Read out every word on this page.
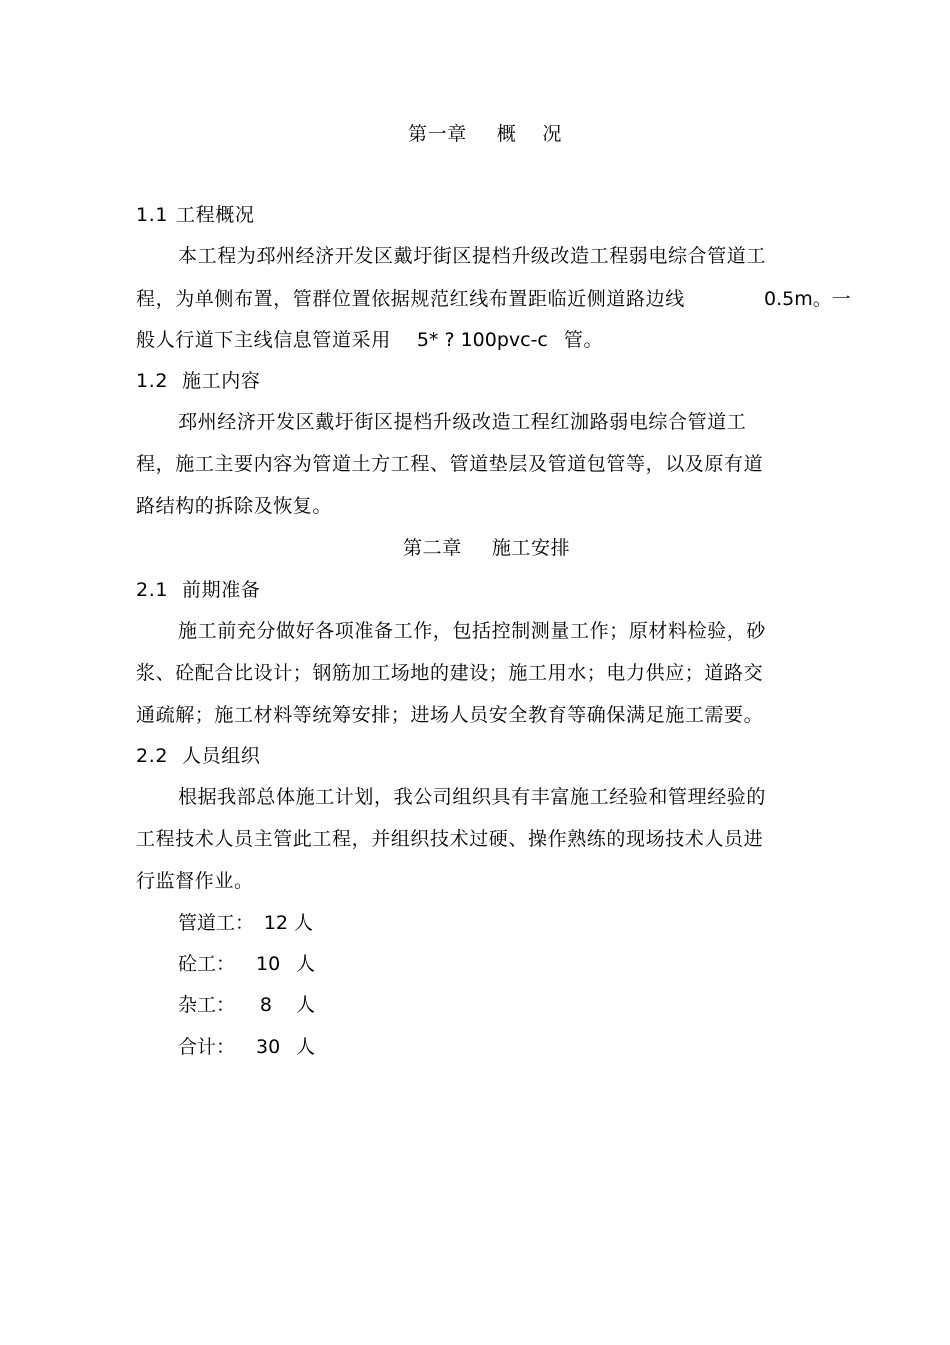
第一章 概 况
1.1 工程概况
本工程为邳州经济开发区戴圩街区提档升级改造工程弱电综合管道工
程，为单侧布置，管群位置依据规范红线布置距临近侧道路边线	0.5m。一
般人行道下主线信息管道采用 5* ? 100pvc-c 管。
1.2 施工内容
邳州经济开发区戴圩街区提档升级改造工程红泇路弱电综合管道工
程，施工主要内容为管道土方工程、管道垫层及管道包管等，以及原有道
路结构的拆除及恢复。
第二章 施工安排
2.1 前期准备
施工前充分做好各项准备工作，包括控制测量工作；原材料检验，砂
浆、砼配合比设计；钢筋加工场地的建设；施工用水；电力供应；道路交
通疏解；施工材料等统筹安排；进场人员安全教育等确保满足施工需要。
2.2 人员组织
根据我部总体施工计划，我公司组织具有丰富施工经验和管理经验的
工程技术人员主管此工程，并组织技术过硬、操作熟练的现场技术人员进
行监督作业。
管道工： 12 人
砼工： 10 人
杂工： 8 人
合计： 30 人
